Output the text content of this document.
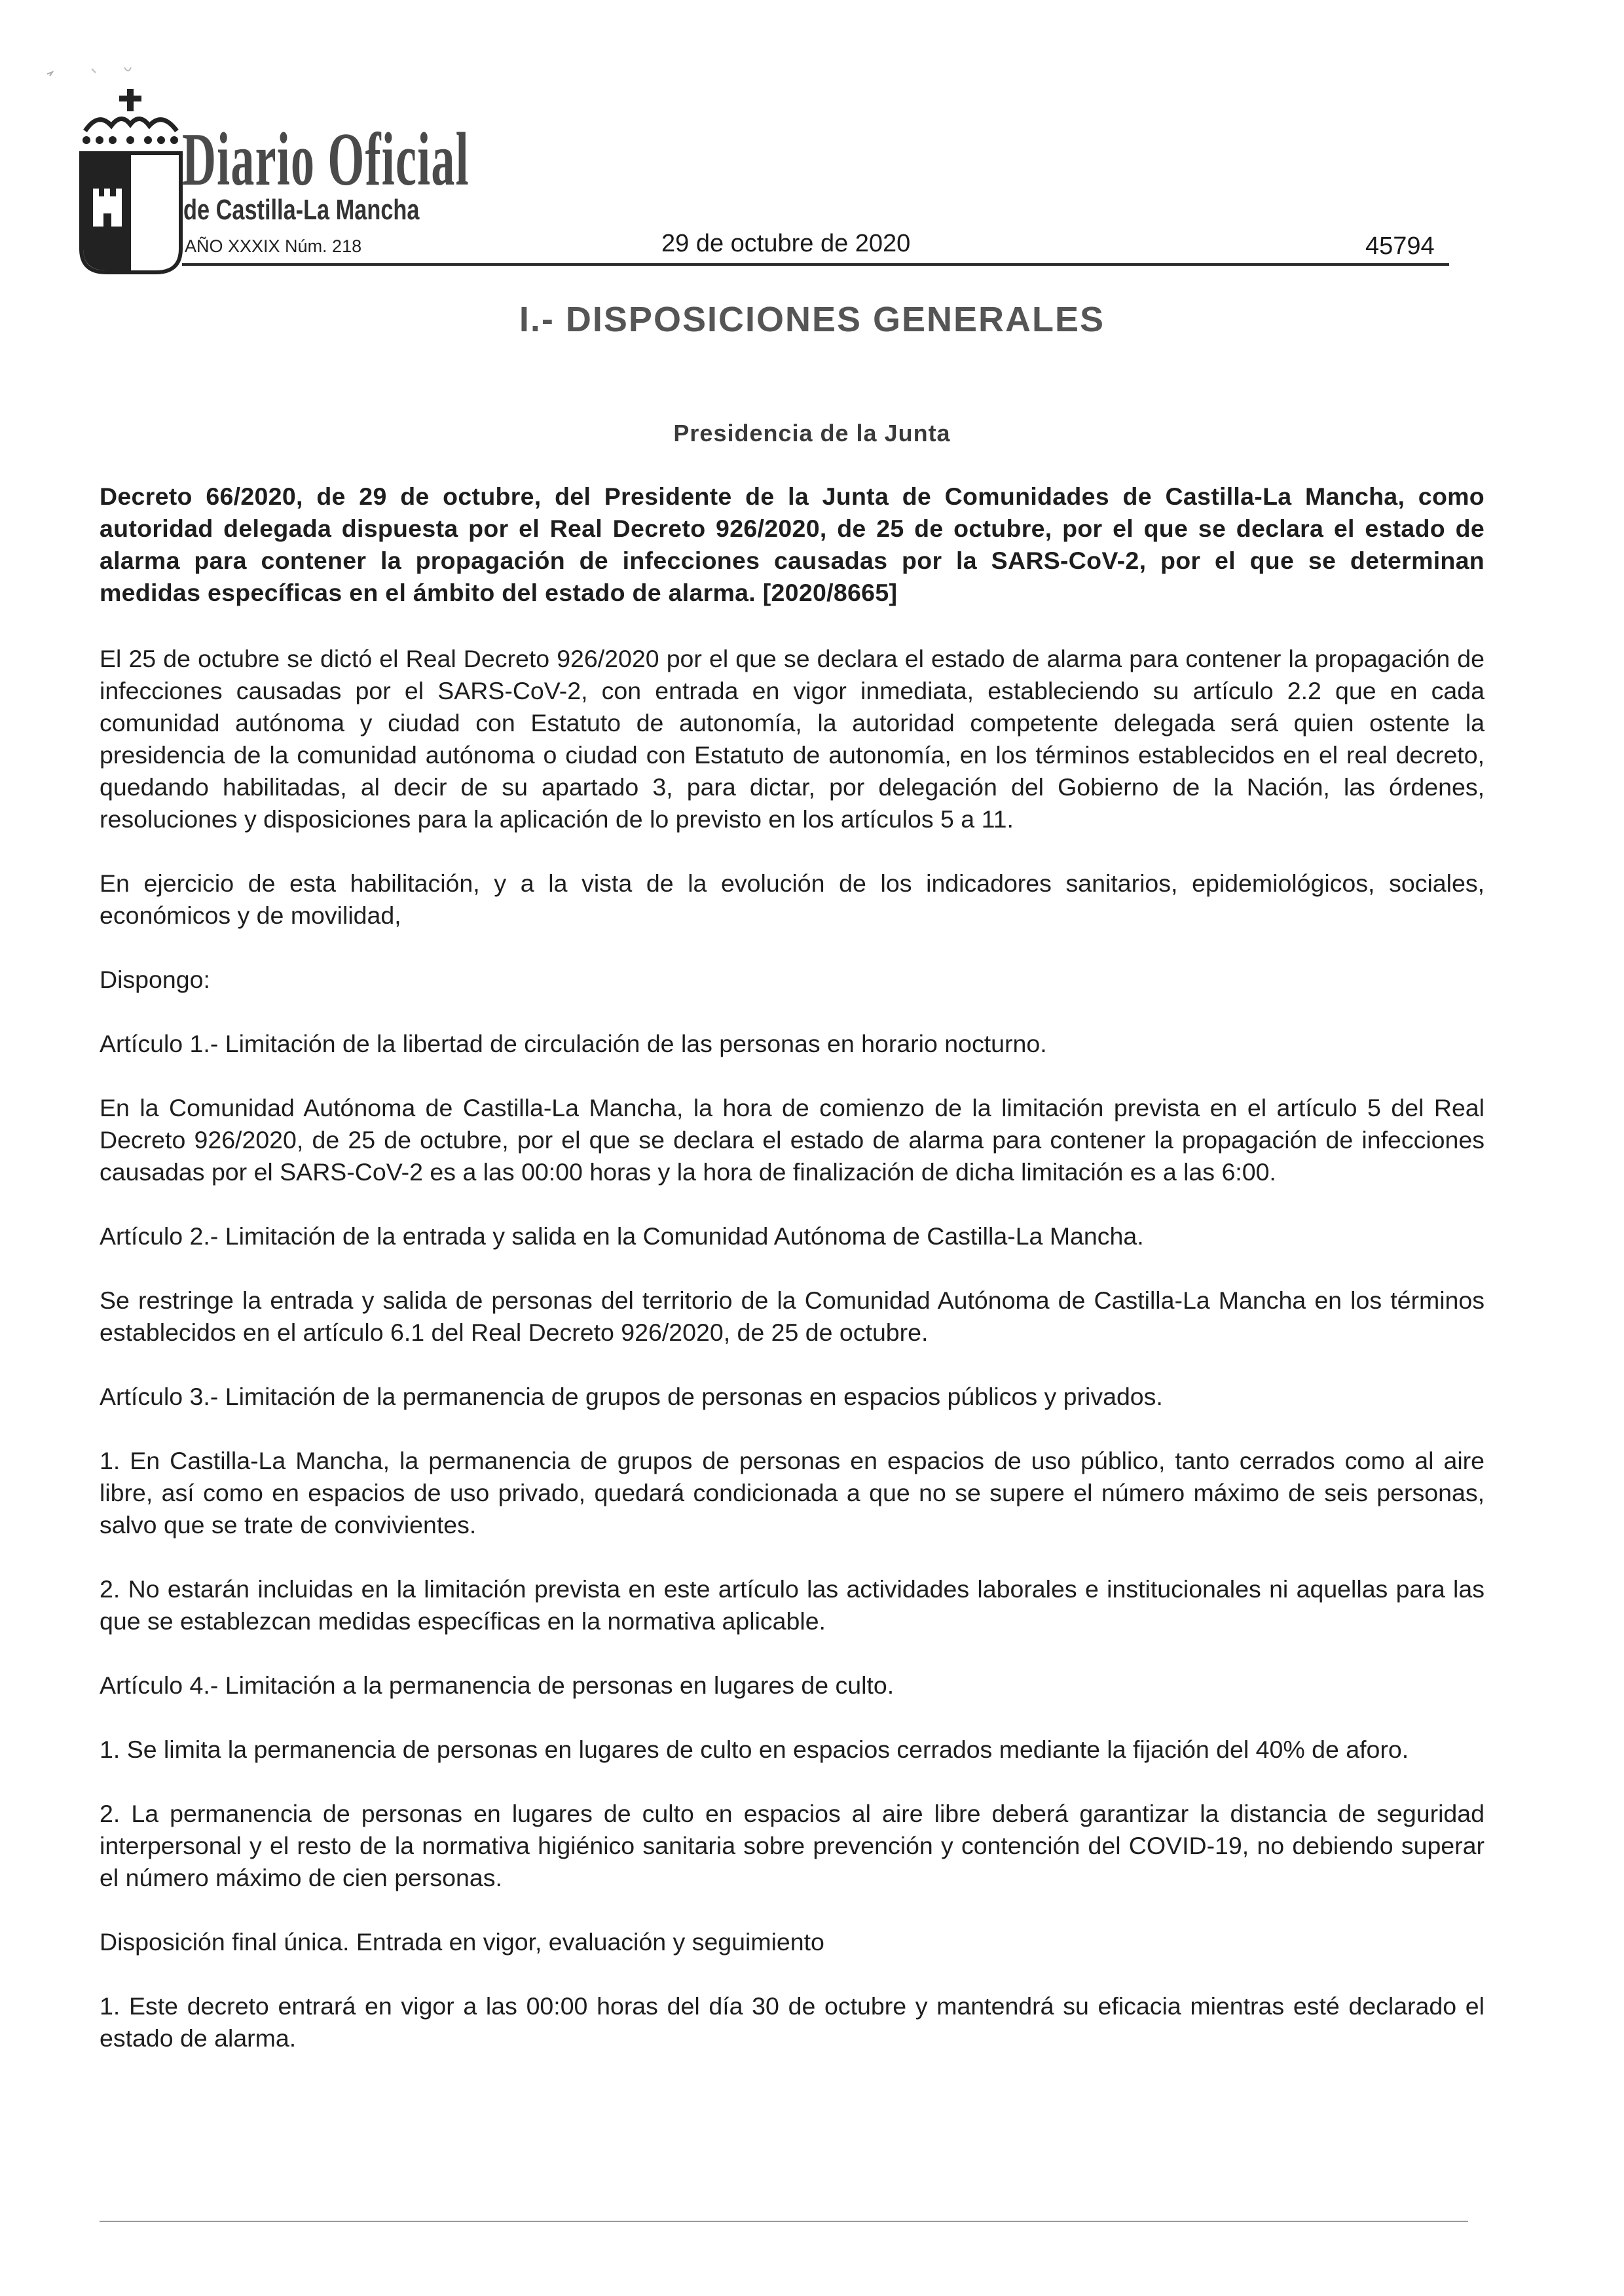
Diario Oficial
de Castilla-La Mancha
AÑO XXXIX Núm. 218	29 de octubre de 2020	45794
I.- DISPOSICIONES GENERALES
Presidencia de la Junta

Decreto 66/2020, de 29 de octubre, del Presidente de la Junta de Comunidades de Castilla-La Mancha, como autoridad delegada dispuesta por el Real Decreto 926/2020, de 25 de octubre, por el que se declara el estado de alarma para contener la propagación de infecciones causadas por la SARS-CoV-2, por el que se determinan medidas específicas en el ámbito del estado de alarma. [2020/8665]

El 25 de octubre se dictó el Real Decreto 926/2020 por el que se declara el estado de alarma para contener la propagación de infecciones causadas por el SARS-CoV-2, con entrada en vigor inmediata, estableciendo su artículo 2.2 que en cada comunidad autónoma y ciudad con Estatuto de autonomía, la autoridad competente delegada será quien ostente la presidencia de la comunidad autónoma o ciudad con Estatuto de autonomía, en los términos establecidos en el real decreto, quedando habilitadas, al decir de su apartado 3, para dictar, por delegación del Gobierno de la Nación, las órdenes, resoluciones y disposiciones para la aplicación de lo previsto en los artículos 5 a 11.

En ejercicio de esta habilitación, y a la vista de la evolución de los indicadores sanitarios, epidemiológicos, sociales, económicos y de movilidad,

Dispongo:

Artículo 1.- Limitación de la libertad de circulación de las personas en horario nocturno.

En la Comunidad Autónoma de Castilla-La Mancha, la hora de comienzo de la limitación prevista en el artículo 5 del Real Decreto 926/2020, de 25 de octubre, por el que se declara el estado de alarma para contener la propagación de infecciones causadas por el SARS-CoV-2 es a las 00:00 horas y la hora de finalización de dicha limitación es a las 6:00.

Artículo 2.- Limitación de la entrada y salida en la Comunidad Autónoma de Castilla-La Mancha.

Se restringe la entrada y salida de personas del territorio de la Comunidad Autónoma de Castilla-La Mancha en los términos establecidos en el artículo 6.1 del Real Decreto 926/2020, de 25 de octubre.

Artículo 3.- Limitación de la permanencia de grupos de personas en espacios públicos y privados.

1. En Castilla-La Mancha, la permanencia de grupos de personas en espacios de uso público, tanto cerrados como al aire libre, así como en espacios de uso privado, quedará condicionada a que no se supere el número máximo de seis personas, salvo que se trate de convivientes.

2. No estarán incluidas en la limitación prevista en este artículo las actividades laborales e institucionales ni aquellas para las que se establezcan medidas específicas en la normativa aplicable.

Artículo 4.- Limitación a la permanencia de personas en lugares de culto.

1. Se limita la permanencia de personas en lugares de culto en espacios cerrados mediante la fijación del 40% de aforo.

2. La permanencia de personas en lugares de culto en espacios al aire libre deberá garantizar la distancia de seguridad interpersonal y el resto de la normativa higiénico sanitaria sobre prevención y contención del COVID-19, no debiendo superar el número máximo de cien personas.

Disposición final única. Entrada en vigor, evaluación y seguimiento

1. Este decreto entrará en vigor a las 00:00 horas del día 30 de octubre y mantendrá su eficacia mientras esté declarado el estado de alarma.
